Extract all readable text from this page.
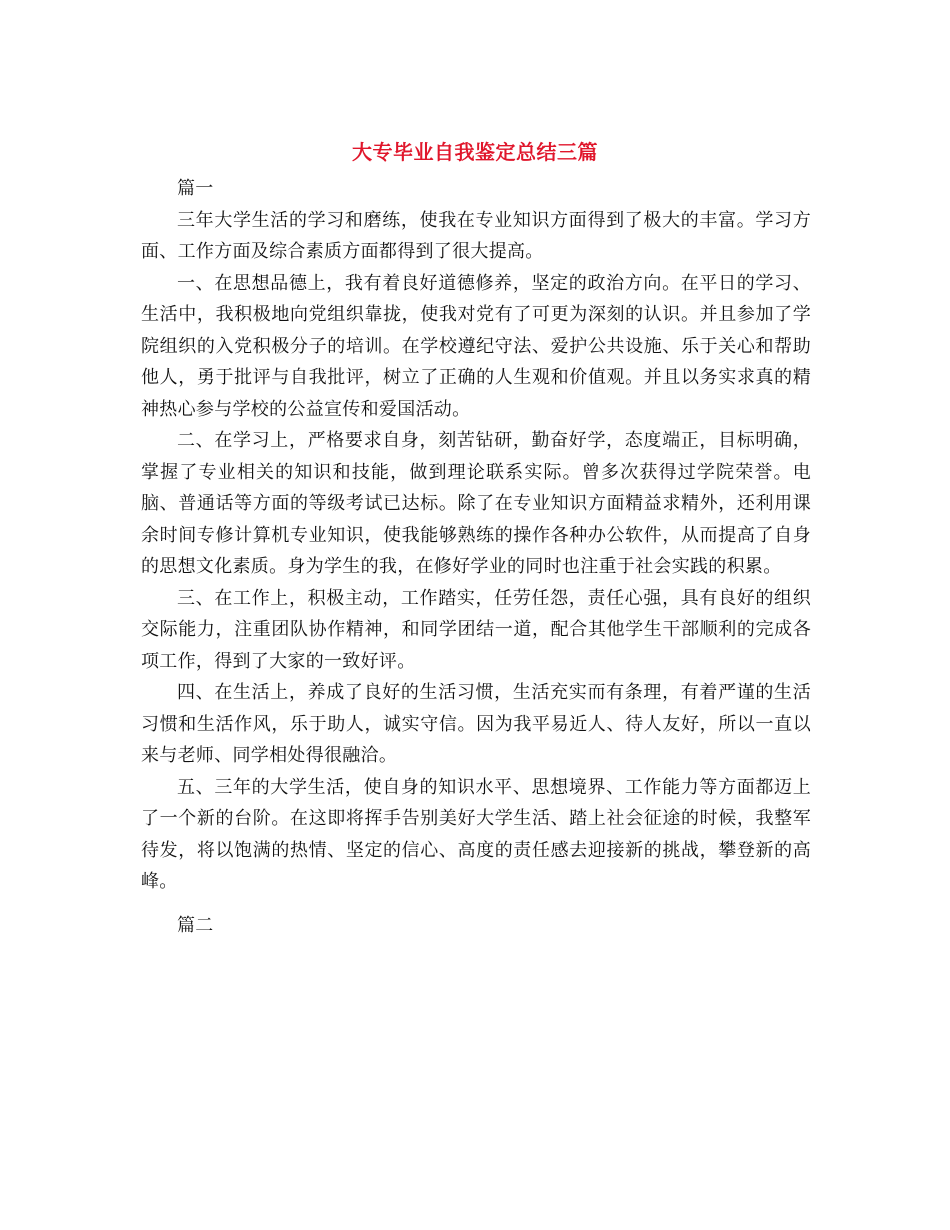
大专毕业自我鉴定总结三篇

篇一

三年大学生活的学习和磨练，使我在专业知识方面得到了极大的丰富。学习方面、工作方面及综合素质方面都得到了很大提高。

一、在思想品德上，我有着良好道德修养，坚定的政治方向。在平日的学习、生活中，我积极地向党组织靠拢，使我对党有了可更为深刻的认识。并且参加了学院组织的入党积极分子的培训。在学校遵纪守法、爱护公共设施、乐于关心和帮助他人，勇于批评与自我批评，树立了正确的人生观和价值观。并且以务实求真的精神热心参与学校的公益宣传和爱国活动。

二、在学习上，严格要求自身，刻苦钻研，勤奋好学，态度端正，目标明确，掌握了专业相关的知识和技能，做到理论联系实际。曾多次获得过学院荣誉。电脑、普通话等方面的等级考试已达标。除了在专业知识方面精益求精外，还利用课余时间专修计算机专业知识，使我能够熟练的操作各种办公软件，从而提高了自身的思想文化素质。身为学生的我，在修好学业的同时也注重于社会实践的积累。

三、在工作上，积极主动，工作踏实，任劳任怨，责任心强，具有良好的组织交际能力，注重团队协作精神，和同学团结一道，配合其他学生干部顺利的完成各项工作，得到了大家的一致好评。

四、在生活上，养成了良好的生活习惯，生活充实而有条理，有着严谨的生活习惯和生活作风，乐于助人，诚实守信。因为我平易近人、待人友好，所以一直以来与老师、同学相处得很融洽。

五、三年的大学生活，使自身的知识水平、思想境界、工作能力等方面都迈上了一个新的台阶。在这即将挥手告别美好大学生活、踏上社会征途的时候，我整军待发，将以饱满的热情、坚定的信心、高度的责任感去迎接新的挑战，攀登新的高峰。

篇二
